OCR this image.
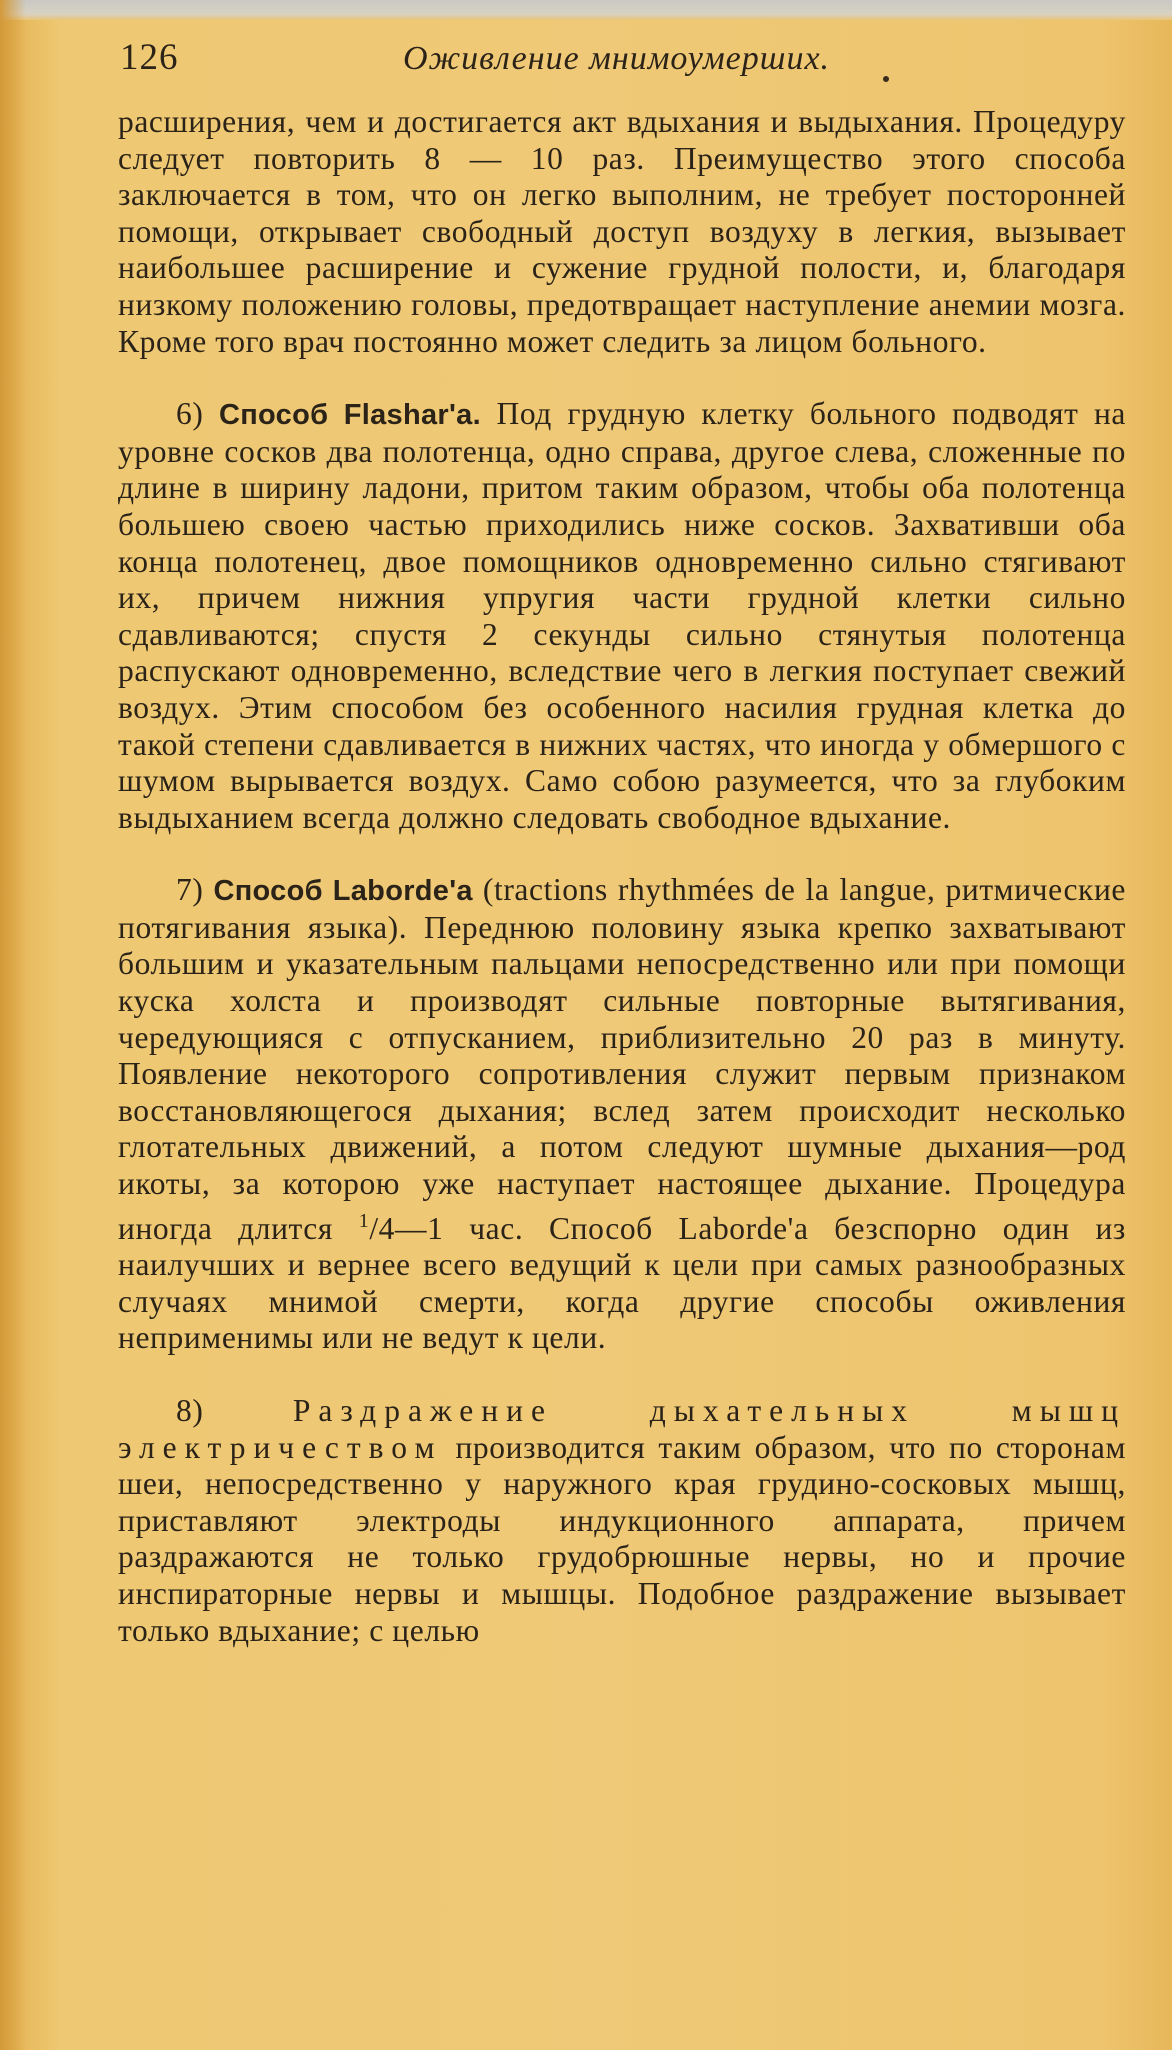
126	Оживление мнимоумерших.

расширения, чем и достигается акт вдыхания и выдыхания. Процедуру следует повторить 8 — 10 раз. Преимущество этого способа заключается в том, что он легко выполним, не требует посторонней помощи, открывает свободный доступ воздуху в легкия, вызывает наибольшее расширение и сужение грудной полости, и, благодаря низкому положению головы, предотвращает наступление анемии мозга. Кроме того врач постоянно может следить за лицом больного.

6) Способ Flashar'a. Под грудную клетку больного подводят на уровне сосков два полотенца, одно справа, другое слева, сложенные по длине в ширину ладони, притом таким образом, чтобы оба полотенца большею своею частью приходились ниже сосков. Захвативши оба конца полотенец, двое помощников одновременно сильно стягивают их, причем нижния упругия части грудной клетки сильно сдавливаются; спустя 2 секунды сильно стянутыя полотенца распускают одновременно, вследствие чего в легкия поступает свежий воздух. Этим способом без особенного насилия грудная клетка до такой степени сдавливается в нижних частях, что иногда у обмершого с шумом вырывается воздух. Само собою разумеется, что за глубоким выдыханием всегда должно следовать свободное вдыхание.

7) Способ Laborde'a (tractions rhythmées de la langue, ритмические потягивания языка). Переднюю половину языка крепко захватывают большим и указательным пальцами непосредственно или при помощи куска холста и производят сильные повторные вытягивания, чередующияся с отпусканием, приблизительно 20 раз в минуту. Появление некоторого сопротивления служит первым признаком восстановляющегося дыхания; вслед затем происходит несколько глотательных движений, а потом следуют шумные дыхания—род икоты, за которою уже наступает настоящее дыхание. Процедура иногда длится $^1$/4—1 час. Способ Laborde'a безспорно один из наилучших и вернее всего ведущий к цели при самых разнообразных случаях мнимой смерти, когда другие способы оживления неприменимы или не ведут к цели.

8)	Раздражение дыхательных мышц электричеством производится таким образом, что по сторонам шеи, непосредственно у наружного края грудино-сосковых мышц, приставляют электроды индукционного аппарата, причем раздражаются не только грудобрюшные нервы, но и прочие инспираторные нервы и мышцы. Подобное раздражение вызывает только вдыхание; с целью
